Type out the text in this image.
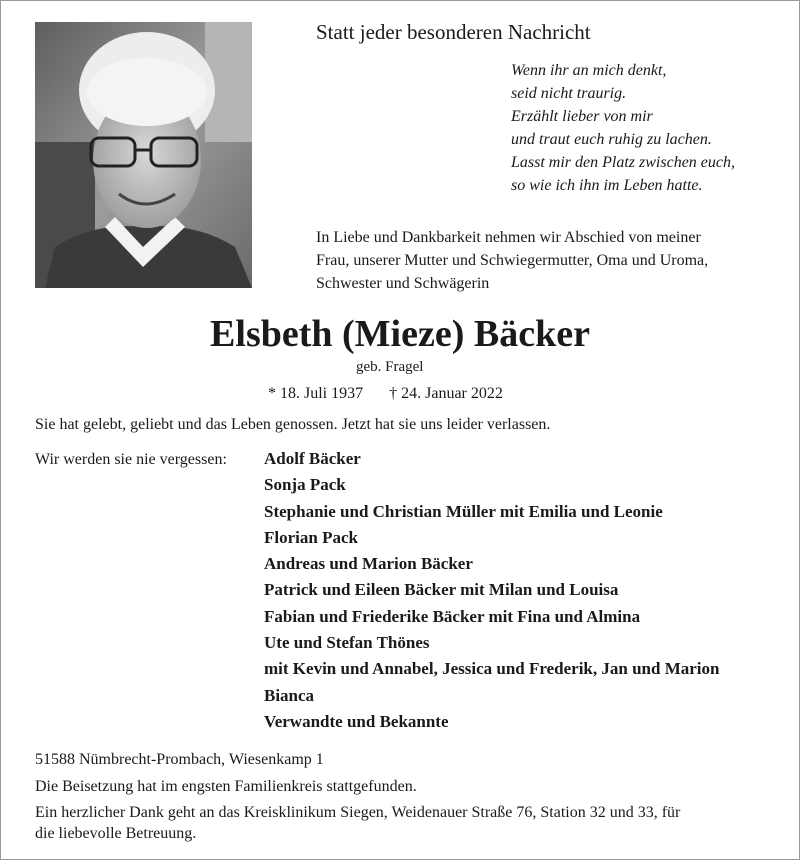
Statt jeder besonderen Nachricht
Wenn ihr an mich denkt,
seid nicht traurig.
Erzählt lieber von mir
und traut euch ruhig zu lachen.
Lasst mir den Platz zwischen euch,
so wie ich ihn im Leben hatte.
In Liebe und Dankbarkeit nehmen wir Abschied von meiner
Frau, unserer Mutter und Schwiegermutter, Oma und Uroma,
Schwester und Schwägerin
Elsbeth (Mieze) Bäcker
geb. Fragel
* 18. Juli 1937 † 24. Januar 2022
Sie hat gelebt, geliebt und das Leben genossen. Jetzt hat sie uns leider verlassen.
Wir werden sie nie vergessen: Adolf Bäcker
Sonja Pack
Stephanie und Christian Müller mit Emilia und Leonie
Florian Pack
Andreas und Marion Bäcker
Patrick und Eileen Bäcker mit Milan und Louisa
Fabian und Friederike Bäcker mit Fina und Almina
Ute und Stefan Thönes
mit Kevin und Annabel, Jessica und Frederik, Jan und Marion
Bianca
Verwandte und Bekannte
51588 Nümbrecht-Prombach, Wiesenkamp 1
Die Beisetzung hat im engsten Familienkreis stattgefunden.
Ein herzlicher Dank geht an das Kreisklinikum Siegen, Weidenauer Straße 76, Station 32 und 33, für
die liebevolle Betreuung.
